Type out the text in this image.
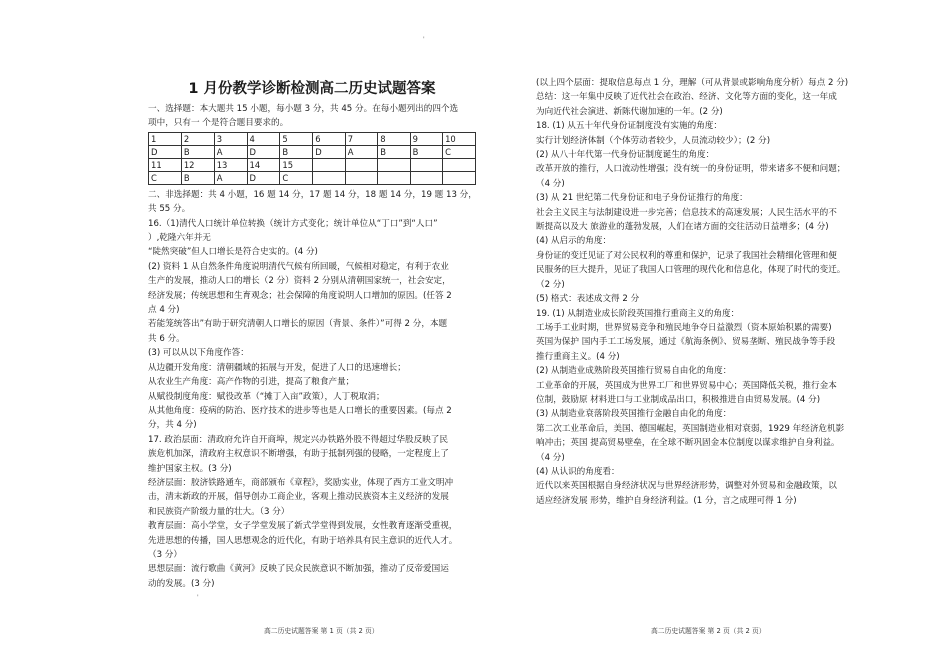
'
1 月份教学诊断检测高二历史试题答案

一、选择题：本大题共 15 小题，每小题 3 分，共 45 分。在每小题列出的四个选

项中，只有一 个是符合题目要求的。

1	2	3	4	5	6	7	8	9	10
D	B	A	D	B	D	A	B	B	C
11	12	13	14	15					
C	B	A	D	C					

二、非选择题：共 4 小题，16 题 14 分，17 题 14 分，18 题 14 分，19 题 13 分，

共 55 分。

16.（1)清代人口统计单位转换（统计方式变化；统计单位从“丁口”到“人口”

）,乾隆六年并无

“陡然突破”但人口增长是符合史实的。(4 分)

(2) 资料 1 从自然条件角度说明清代气候有所回暖，气候相对稳定，有利于农业

生产的发展，推动人口的增长（2 分）资料 2 分别从清朝国家统一，社会安定，

经济发展；传统思想和生育观念；社会保障的角度说明人口增加的原因。(任答 2

点 4 分)

若能笼统答出”有助于研究清朝人口增长的原因（背景、条件）”可得 2 分，本题

共 6 分。

(3) 可以从以下角度作答：

从边疆开发角度：清朝疆域的拓展与开发，促进了人口的迅速增长；

从农业生产角度：高产作物的引进，提高了粮食产量；

从赋役制度角度：赋役改革（“摊丁入亩”政策），人丁税取消；

从其他角度：疫病的防治、医疗技术的进步等也是人口增长的重要因素。(每点 2

分，共 4 分)

17. 政治层面：清政府允许自开商埠，规定兴办铁路外股不得超过华股反映了民

族危机加深，清政府主权意识不断增强，有助于抵制列强的侵略，一定程度上了

维护国家主权。(3 分)

经济层面：胶济铁路通车，商部颁布《章程》，奖励实业，体现了西方工业文明冲

击，清末新政的开展，倡导创办工商企业，客观上推动民族资本主义经济的发展

和民族资产阶级力量的壮大。（3 分）

教育层面：高小学堂，女子学堂发展了新式学堂得到发展，女性教育逐渐受重视，

先进思想的传播，国人思想观念的近代化，有助于培养具有民主意识的近代人才。

（3 分）

思想层面：流行歌曲《黄河》反映了民众民族意识不断加强，推动了反帝爱国运

动的发展。(3 分)

(以上四个层面：提取信息每点 1 分，理解（可从背景或影响角度分析）每点 2 分)

总结：这一年集中反映了近代社会在政治、经济、文化等方面的变化，这一年成

为向近代社会演进、新陈代谢加速的一年。(2 分)

18. (1) 从五十年代身份证制度没有实施的角度：

实行计划经济体制（个体劳动者较少，人员流动较少）；(2 分)

(2) 从八十年代第一代身份证制度诞生的角度：

改革开放的推行，人口流动性增强；没有统一的身份证明，带来诸多不便和问题；

（4 分)

(3) 从 21 世纪第二代身份证和电子身份证推行的角度：

社会主义民主与法制建设进一步完善；信息技术的高速发展；人民生活水平的不

断提高以及大 旅游业的蓬勃发展，人们在诸方面的交往活动日益增多；(4 分)

(4) 从启示的角度：

身份证的变迁见证了对公民权利的尊重和保护，记录了我国社会精细化管理和便

民服务的巨大提升，见证了我国人口管理的现代化和信息化，体现了时代的变迁。

（2 分)

(5) 格式：表述成文得 2 分

19. (1) 从制造业成长阶段英国推行重商主义的角度：

工场手工业时期，世界贸易竞争和殖民地争夺日益激烈（资本原始积累的需要)

英国为保护 国内手工工场发展，通过《航海条例》、贸易垄断、殖民战争等手段

推行重商主义。(4 分)

(2) 从制造业成熟阶段英国推行贸易自由化的角度：

工业革命的开展，英国成为世界工厂和世界贸易中心；英国降低关税，推行金本

位制，鼓励原 材料进口与工业制成品出口，积极推进自由贸易发展。(4 分)

(3) 从制造业衰落阶段英国推行金融自由化的角度：

第二次工业革命后，美国、德国崛起，英国制造业相对衰弱，1929 年经济危机影

响冲击；英国 提高贸易壁垒，在全球不断巩固金本位制度以谋求维护自身利益。

（4 分)

(4) 从认识的角度看：

近代以来英国根据自身经济状况与世界经济形势，调整对外贸易和金融政策，以

适应经济发展 形势，维护自身经济利益。(1 分，言之成理可得 1 分)

高二历史试题答案 第 1 页（共 2 页）	高二历史试题答案 第 2 页（共 2 页）
'
